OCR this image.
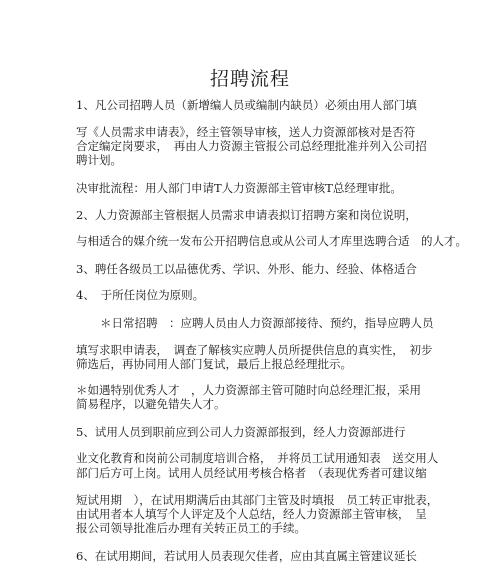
招聘流程
1、凡公司招聘人员（新增编人员或编制内缺员）必须由用人部门填
写《人员需求申请表》，经主管领导审核，送人力资源部核对是否符
合定编定岗要求，　再由人力资源主管报公司总经理批准并列入公司招
聘计划。
决审批流程：用人部门申请T人力资源部主管审核T总经理审批。
2、人力资源部主管根据人员需求申请表拟订招聘方案和岗位说明，
与相适合的媒介统一发布公开招聘信息或从公司人才库里选聘合适　的人才。
3、聘任各级员工以品德优秀、学识、外形、能力、经验、体格适合
4、　于所任岗位为原则。
＊日常招聘　：应聘人员由人力资源部接待、预约，指导应聘人员
填写求职申请表，　调查了解核实应聘人员所提供信息的真实性，　初步
筛选后，再协同用人部门复试，最后上报总经理批示。
＊如遇特别优秀人才　，人力资源部主管可随时向总经理汇报，采用
简易程序，以避免错失人才。
5、试用人员到职前应到公司人力资源部报到，经人力资源部进行
业文化教育和岗前公司制度培训合格，　并将员工试用通知表　送交用人
部门后方可上岗。试用人员经试用考核合格者　（表现优秀者可建议缩
短试用期　），在试用期满后由其部门主管及时填报　员工转正审批表，
由试用者本人填写个人评定及个人总结，经人力资源部主管审核，　呈
报公司领导批准后办理有关转正员工的手续。
6、在试用期间，若试用人员表现欠佳者，应由其直属主管建议延长
